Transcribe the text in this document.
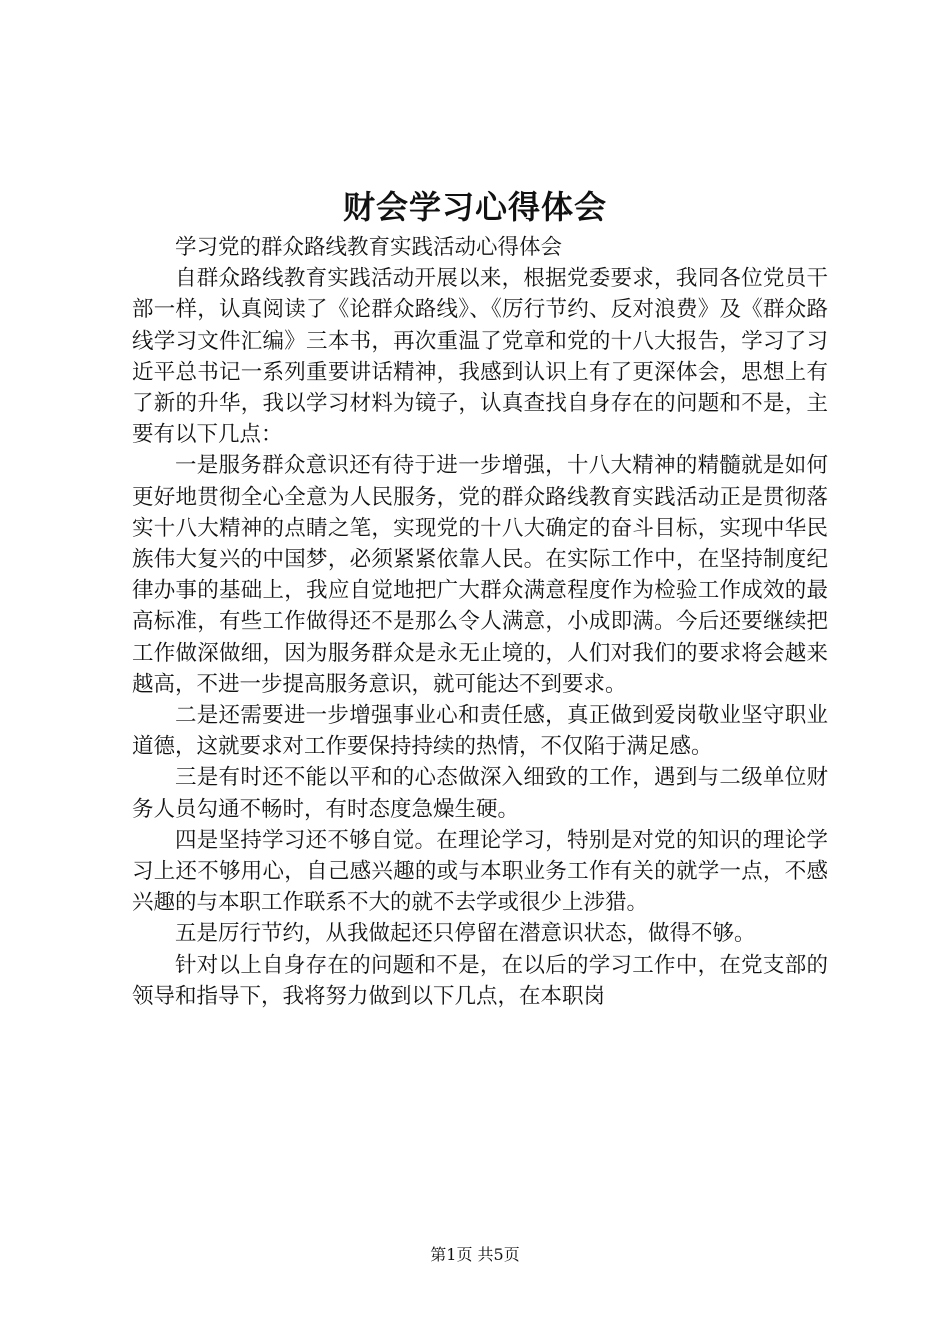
财会学习心得体会

学习党的群众路线教育实践活动心得体会

自群众路线教育实践活动开展以来，根据党委要求，我同各位党员干部一样，认真阅读了《论群众路线》、《厉行节约、反对浪费》及《群众路线学习文件汇编》三本书，再次重温了党章和党的十八大报告，学习了习近平总书记一系列重要讲话精神，我感到认识上有了更深体会，思想上有了新的升华，我以学习材料为镜子，认真查找自身存在的问题和不是，主要有以下几点：

一是服务群众意识还有待于进一步增强，十八大精神的精髓就是如何更好地贯彻全心全意为人民服务，党的群众路线教育实践活动正是贯彻落实十八大精神的点睛之笔，实现党的十八大确定的奋斗目标，实现中华民族伟大复兴的中国梦，必须紧紧依靠人民。在实际工作中，在坚持制度纪律办事的基础上，我应自觉地把广大群众满意程度作为检验工作成效的最高标准，有些工作做得还不是那么令人满意，小成即满。今后还要继续把工作做深做细，因为服务群众是永无止境的，人们对我们的要求将会越来越高，不进一步提高服务意识，就可能达不到要求。

二是还需要进一步增强事业心和责任感，真正做到爱岗敬业坚守职业道德，这就要求对工作要保持持续的热情，不仅陷于满足感。

三是有时还不能以平和的心态做深入细致的工作，遇到与二级单位财务人员勾通不畅时，有时态度急燥生硬。

四是坚持学习还不够自觉。在理论学习，特别是对党的知识的理论学习上还不够用心，自己感兴趣的或与本职业务工作有关的就学一点，不感兴趣的与本职工作联系不大的就不去学或很少上涉猎。

五是厉行节约，从我做起还只停留在潜意识状态，做得不够。

针对以上自身存在的问题和不是，在以后的学习工作中，在党支部的领导和指导下，我将努力做到以下几点，在本职岗

第1页 共5页
